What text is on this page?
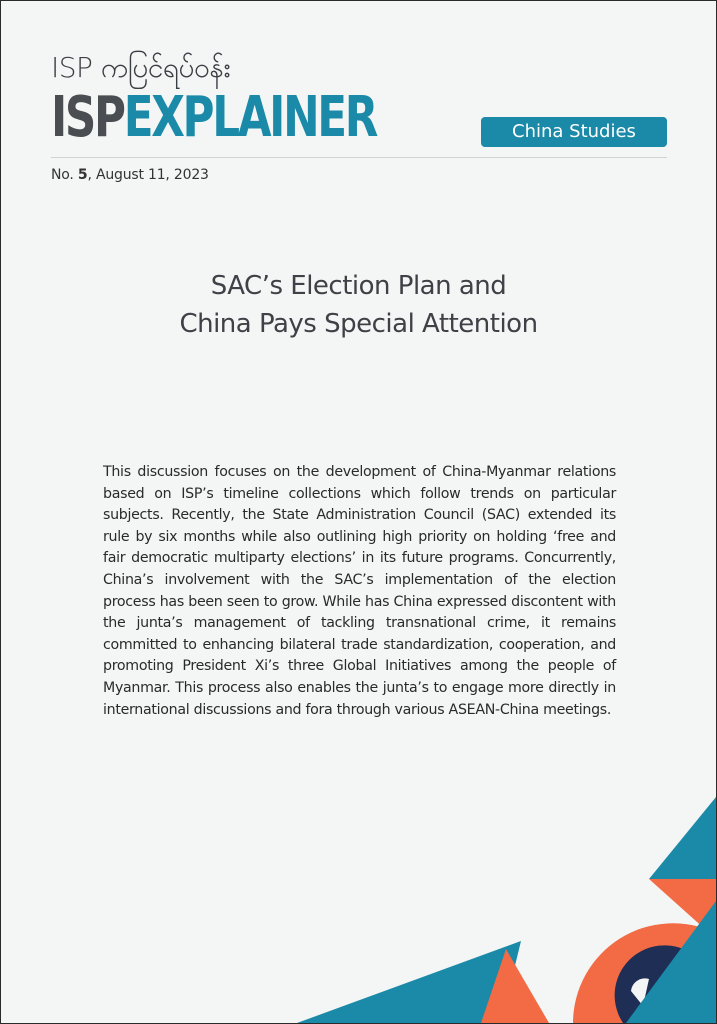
ISP ကပြင်ရပ်ဝန်း
ISPEXPLAINER	China Studies
No. 5, August 11, 2023
SAC’s Election Plan and
China Pays Special Attention

This discussion focuses on the development of China-Myanmar relations based on ISP’s timeline collections which follow trends on particular subjects. Recently, the State Administration Council (SAC) extended its rule by six months while also outlining high priority on holding ‘free and fair democratic multiparty elections’ in its future programs. Concurrently, China’s involvement with the SAC’s implementation of the election process has been seen to grow. While has China expressed discontent with the junta’s management of tackling transnational crime, it remains committed to enhancing bilateral trade standardization, cooperation, and promoting President Xi’s three Global Initiatives among the people of Myanmar. This process also enables the junta’s to engage more directly in international discussions and fora through various ASEAN-China meetings.
